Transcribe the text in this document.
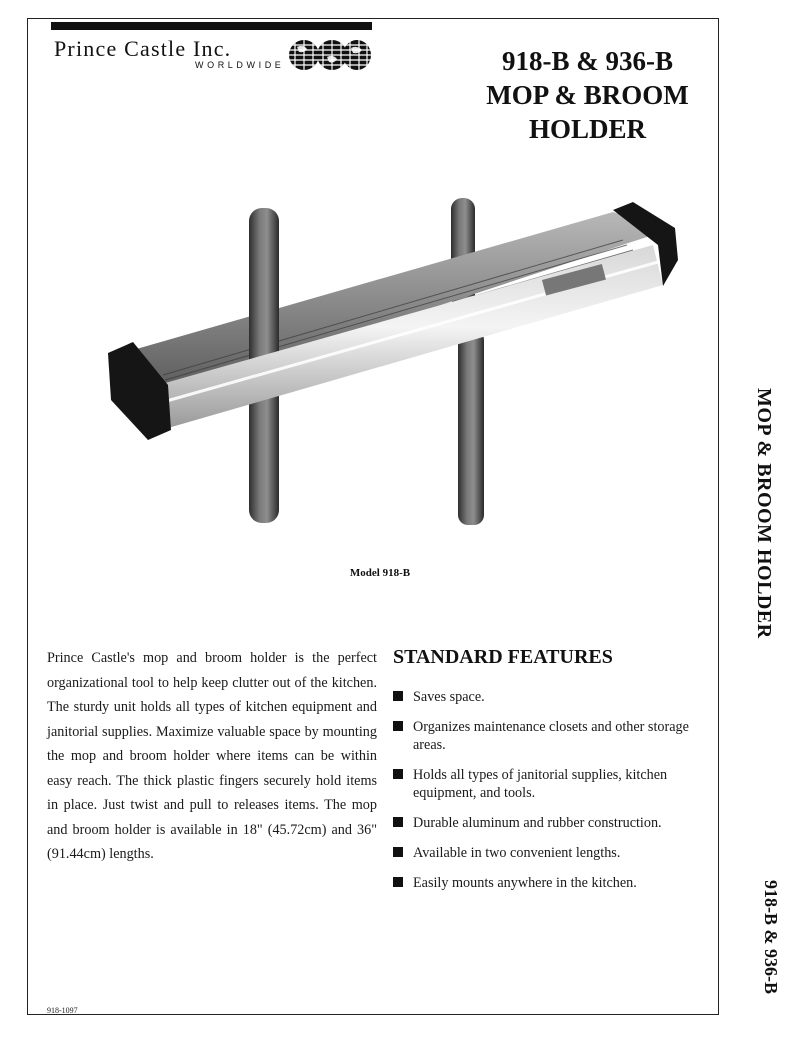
Prince Castle Inc.
WORLDWIDE	918-B & 936-B
MOP & BROOM
HOLDER
Model 918-B
Prince Castle's mop and broom holder is the perfect organizational tool to help keep clutter out of the kitchen. The sturdy unit holds all types of kitchen equipment and janitorial supplies. Maximize valuable space by mounting the mop and broom holder where items can be within easy reach. The thick plastic fingers securely hold items in place. Just twist and pull to releases items. The mop and broom holder is available in 18" (45.72cm) and 36" (91.44cm) lengths.
STANDARD FEATURES
Saves space.
Organizes maintenance closets and other storage areas.
Holds all types of janitorial supplies, kitchen equipment, and tools.
Durable aluminum and rubber construction.
Available in two convenient lengths.
Easily mounts anywhere in the kitchen.
MOP & BROOM HOLDER
918-B & 936-B
918-1097
